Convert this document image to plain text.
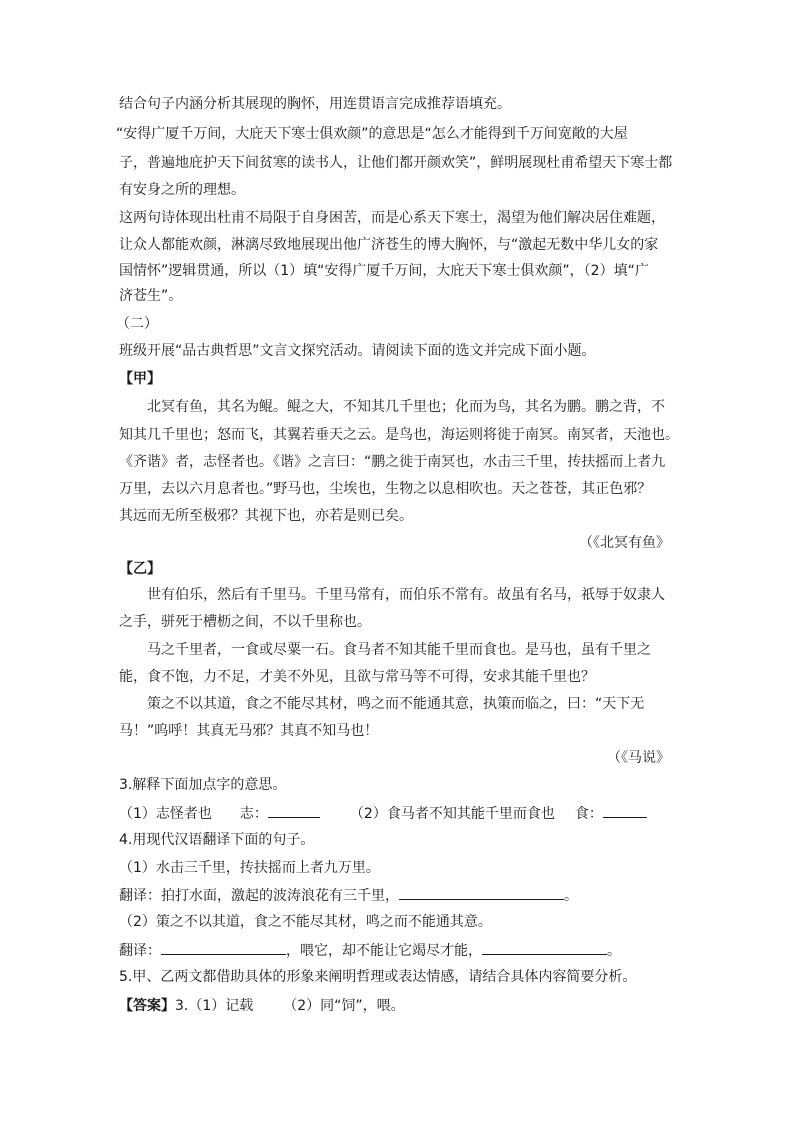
结合句子内涵分析其展现的胸怀，用连贯语言完成推荐语填充。
“安得广厦千万间，大庇天下寒士俱欢颜”的意思是“怎么才能得到千万间宽敞的大屋
子，普遍地庇护天下间贫寒的读书人，让他们都开颜欢笑”，鲜明展现杜甫希望天下寒士都
有安身之所的理想。
这两句诗体现出杜甫不局限于自身困苦，而是心系天下寒士，渴望为他们解决居住难题，
让众人都能欢颜，淋漓尽致地展现出他广济苍生的博大胸怀，与“激起无数中华儿女的家
国情怀”逻辑贯通，所以（1）填“安得广厦千万间，大庇天下寒士俱欢颜”，（2）填“广
济苍生”。
（二）
班级开展“品古典哲思”文言文探究活动。请阅读下面的选文并完成下面小题。
【甲】
北冥有鱼，其名为鲲。鲲之大，不知其几千里也；化而为鸟，其名为鹏。鹏之背，不
知其几千里也；怒而飞，其翼若垂天之云。是鸟也，海运则将徙于南冥。南冥者，天池也。
《齐谐》者，志怪者也。《谐》之言曰：“鹏之徙于南冥也，水击三千里，抟扶摇而上者九
万里，去以六月息者也。”野马也，尘埃也，生物之以息相吹也。天之苍苍，其正色邪？
其远而无所至极邪？其视下也，亦若是则已矣。
（《北冥有鱼》
【乙】
世有伯乐，然后有千里马。千里马常有，而伯乐不常有。故虽有名马，祇辱于奴隶人
之手，骈死于槽枥之间，不以千里称也。
马之千里者，一食或尽粟一石。食马者不知其能千里而食也。是马也，虽有千里之
能，食不饱，力不足，才美不外见，且欲与常马等不可得，安求其能千里也？
策之不以其道，食之不能尽其材，鸣之而不能通其意，执策而临之，曰：“天下无
马！”呜呼！其真无马邪？其真不知马也！
（《马说》
3.解释下面加点字的意思。
（1）志怪者也 志：	（2）食马者不知其能千里而食也 食：
4.用现代汉语翻译下面的句子。
（1）水击三千里，抟扶摇而上者九万里。
翻译：拍打水面，激起的波涛浪花有三千里，	。
（2）策之不以其道，食之不能尽其材，鸣之而不能通其意。
翻译：	，喂它，却不能让它竭尽才能，	。
5.甲、乙两文都借助具体的形象来阐明哲理或表达情感，请结合具体内容简要分析。
【答案】3.（1）记载 （2）同“饲”，喂。
